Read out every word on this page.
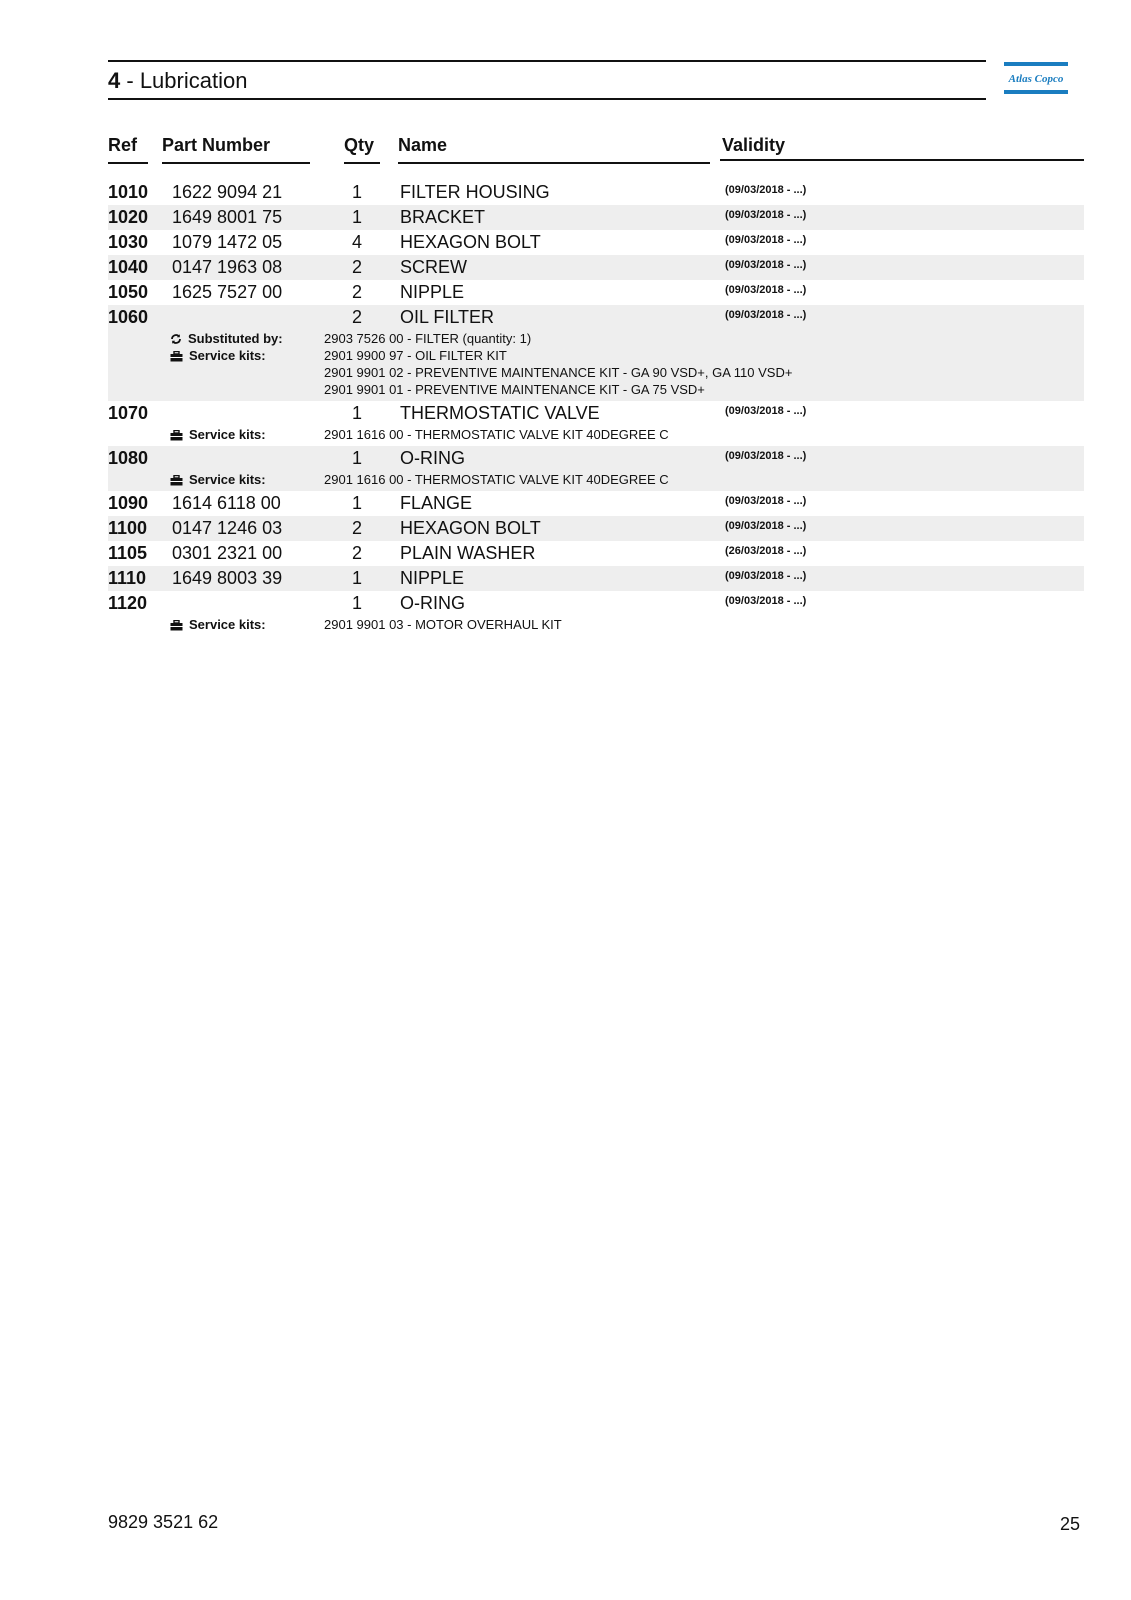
4 - Lubrication	Atlas Copco
Ref	Part Number	Qty	Name	Validity
1010 1622 9094 21	1 FILTER HOUSING	(09/03/2018 - ...)
1020 1649 8001 75	1 BRACKET	(09/03/2018 - ...)
1030 1079 1472 05	4 HEXAGON BOLT	(09/03/2018 - ...)
1040 0147 1963 08	2 SCREW	(09/03/2018 - ...)
1050 1625 7527 00	2 NIPPLE	(09/03/2018 - ...)
1060	2 OIL FILTER	(09/03/2018 - ...)
Substituted by:	2903 7526 00 - FILTER (quantity: 1)
Service kits:	2901 9900 97 - OIL FILTER KIT
2901 9901 02 - PREVENTIVE MAINTENANCE KIT - GA 90 VSD+, GA 110 VSD+
2901 9901 01 - PREVENTIVE MAINTENANCE KIT - GA 75 VSD+
1070	1 THERMOSTATIC VALVE	(09/03/2018 - ...)
Service kits:	2901 1616 00 - THERMOSTATIC VALVE KIT 40DEGREE C
1080	1 O-RING	(09/03/2018 - ...)
Service kits:	2901 1616 00 - THERMOSTATIC VALVE KIT 40DEGREE C
1090 1614 6118 00	1 FLANGE	(09/03/2018 - ...)
1100 0147 1246 03	2 HEXAGON BOLT	(09/03/2018 - ...)
1105 0301 2321 00	2 PLAIN WASHER	(26/03/2018 - ...)
1110 1649 8003 39	1 NIPPLE	(09/03/2018 - ...)
1120	1 O-RING	(09/03/2018 - ...)
Service kits:	2901 9901 03 - MOTOR OVERHAUL KIT
9829 3521 62	25
